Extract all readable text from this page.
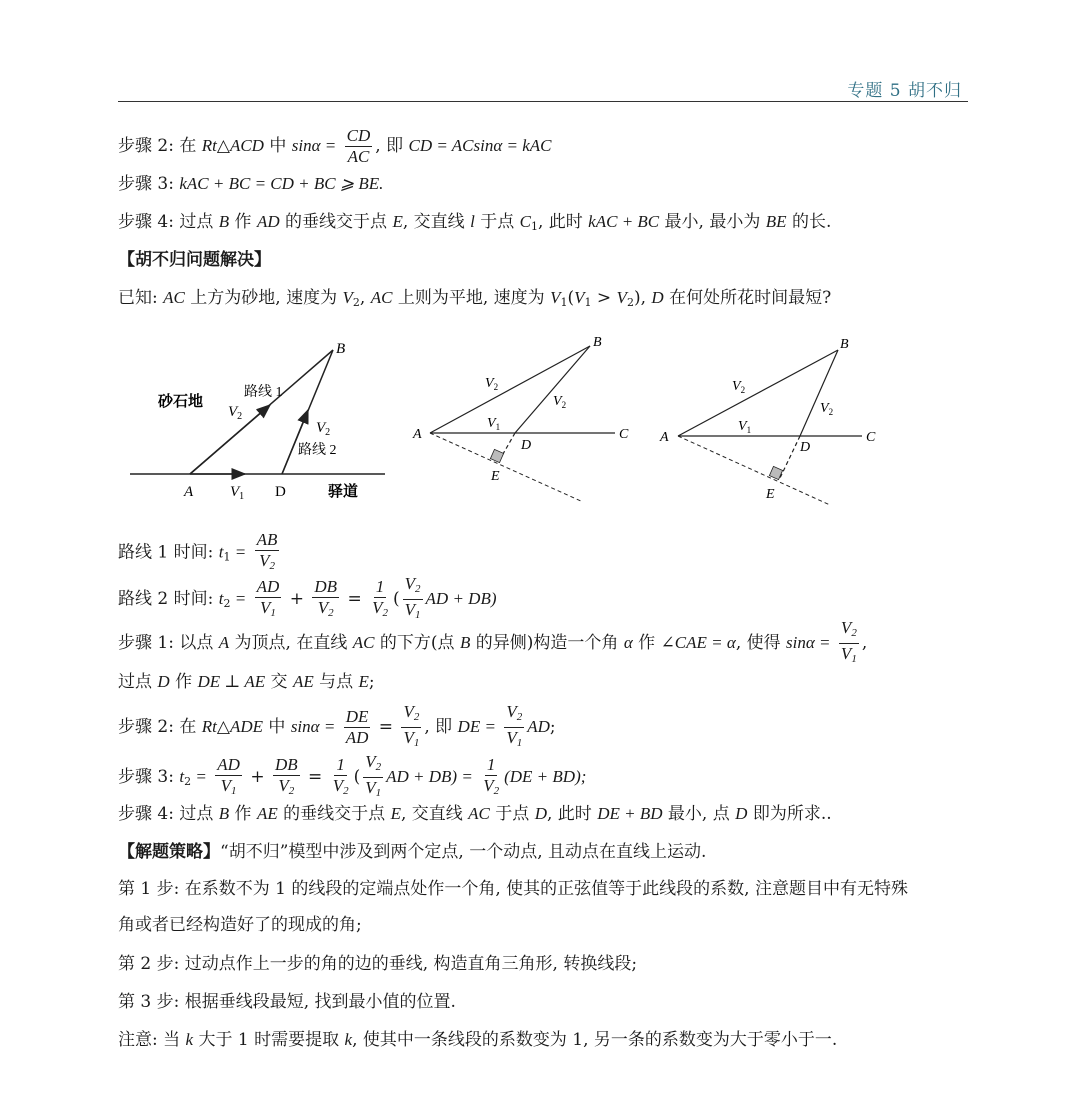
专题 5 胡不归
步骤 2: 在 Rt△ACD 中 $\sin\alpha = \frac{CD}{AC}$ , 即 CD = ACsinα = kAC
步骤 3: kAC + BC = CD + BC ⩾ BE.
步骤 4: 过点 B 作 AD 的垂线交于点 E, 交直线 l 于点 $C_1$, 此时 kAC + BC 最小, 最小为 BE 的长.
【胡不归问题解决】
已知: AC 上方为砂地, 速度为 $V_2$, AC 上则为平地, 速度为 $V_1(V_1 > V_2)$, D 在何处所花时间最短?
B
砂石地
路线 1
$V_2$
$V_2$
路线 2
A $V_1$ D	驿道
B
$V_2$
$V_2$
A
$V_1$
D
C
E
B
$V_2$
$V_2$
A
$V_1$
D
C
E
路线 1 时间: $t_1 = \frac{AB}{V_2}$
路线 2 时间: $t_2 = \frac{AD}{V_1} + \frac{DB}{V_2} = \frac{1}{V_2}$ ( $\frac{V_2}{V_1}$ AD + DB)
步骤 1: 以点 A 为顶点, 在直线 AC 的下方(点 B 的异侧)构造一个角 α 作 ∠CAE = α, 使得 $\sin\alpha = \frac{V_2}{V_1}$ ,
过点 D 作 DE ⊥ AE 交 AE 与点 E;
步骤 2: 在 Rt△ADE 中 $\sin\alpha = \frac{DE}{AD} = \frac{V_2}{V_1}$ , 即 DE = $\frac{V_2}{V_1}$ AD;
步骤 3: $t_2 = \frac{AD}{V_1} + \frac{DB}{V_2} = \frac{1}{V_2}$ ( $\frac{V_2}{V_1}$ AD + $DB) = \frac{1}{V_2} (DE + BD)$;
步骤 4: 过点 B 作 AE 的垂线交于点 E, 交直线 AC 于点 D, 此时 DE + BD 最小, 点 D 即为所求..
【解题策略】“胡不归”模型中涉及到两个定点, 一个动点, 且动点在直线上运动.
第 1 步: 在系数不为 1 的线段的定端点处作一个角, 使其的正弦值等于此线段的系数, 注意题目中有无特殊
角或者已经构造好了的现成的角;
第 2 步: 过动点作上一步的角的边的垂线, 构造直角三角形, 转换线段;
第 3 步: 根据垂线段最短, 找到最小值的位置.
注意: 当 k 大于 1 时需要提取 k, 使其中一条线段的系数变为 1, 另一条的系数变为大于零小于一.
